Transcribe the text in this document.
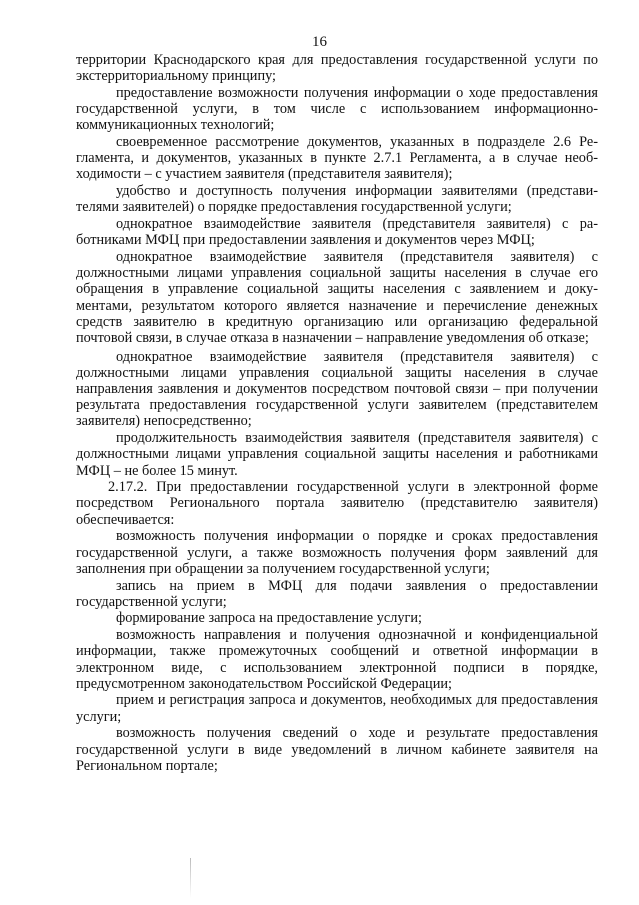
16

территории Краснодарского края для предоставления государственной услуги по экстерриториальному принципу;

предоставление возможности получения информации о ходе предоставления государственной услуги, в том числе с использованием информационно-коммуникационных технологий;

своевременное рассмотрение документов, указанных в подразделе 2.6 Регламента, и документов, указанных в пункте 2.7.1 Регламента, а в случае необходимости – с участием заявителя (представителя заявителя);

удобство и доступность получения информации заявителями (представителями заявителей) о порядке предоставления государственной услуги;

однократное взаимодействие заявителя (представителя заявителя) с работниками МФЦ при предоставлении заявления и документов через МФЦ;

однократное взаимодействие заявителя (представителя заявителя) с должностными лицами управления социальной защиты населения в случае его обращения в управление социальной защиты населения с заявлением и документами, результатом которого является назначение и перечисление денежных средств заявителю в кредитную организацию или организацию федеральной почтовой связи, в случае отказа в назначении – направление уведомления об отказе;

однократное взаимодействие заявителя (представителя заявителя) с должностными лицами управления социальной защиты населения в случае направления заявления и документов посредством почтовой связи – при получении результата предоставления государственной услуги заявителем (представителем заявителя) непосредственно;

продолжительность взаимодействия заявителя (представителя заявителя) с должностными лицами управления социальной защиты населения и работниками МФЦ – не более 15 минут.

2.17.2. При предоставлении государственной услуги в электронной форме посредством Регионального портала заявителю (представителю заявителя) обеспечивается:

возможность получения информации о порядке и сроках предоставления государственной услуги, а также возможность получения форм заявлений для заполнения при обращении за получением государственной услуги;

запись на прием в МФЦ для подачи заявления о предоставлении государственной услуги;

формирование запроса на предоставление услуги;

возможность направления и получения однозначной и конфиденциальной информации, также промежуточных сообщений и ответной информации в электронном виде, с использованием электронной подписи в порядке, предусмотренном законодательством Российской Федерации;

прием и регистрация запроса и документов, необходимых для предоставления услуги;

возможность получения сведений о ходе и результате предоставления государственной услуги в виде уведомлений в личном кабинете заявителя на Региональном портале;
